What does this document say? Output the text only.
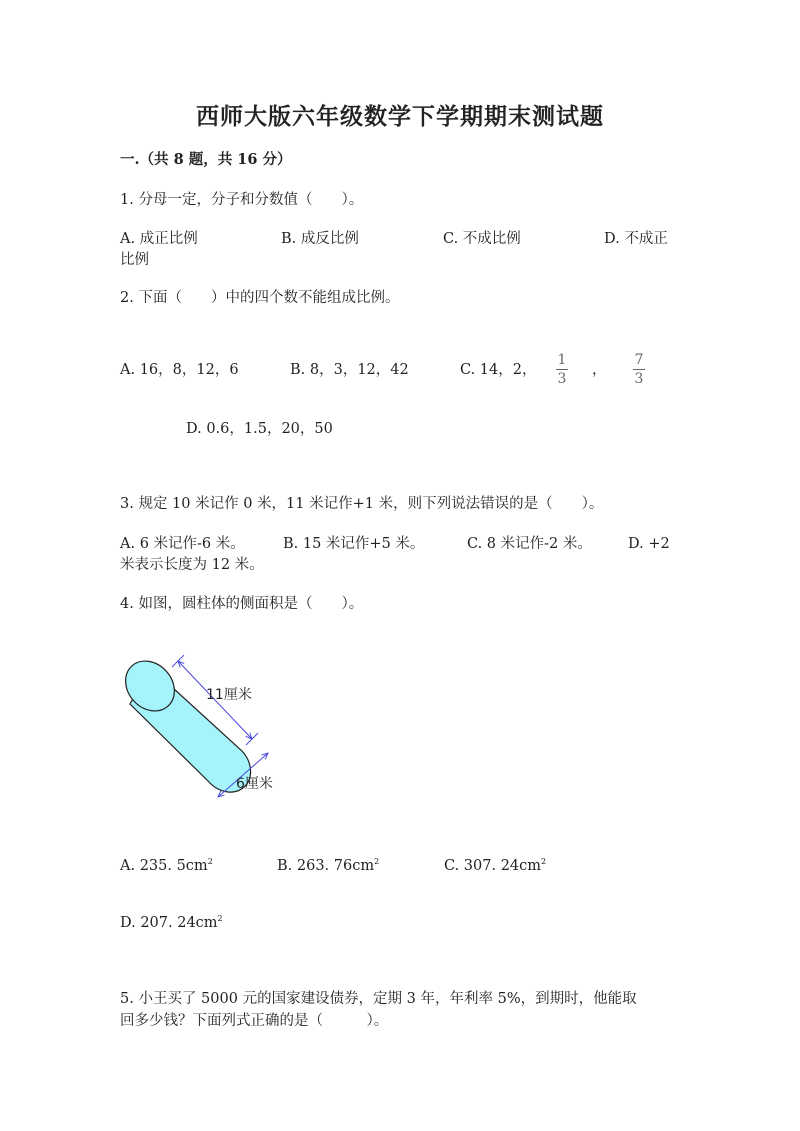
西师大版六年级数学下学期期末测试题
一.（共 8 题，共 16 分）
1. 分母一定，分子和分数值（　　）。
A. 成正比例	B. 成反比例	C. 不成比例	D. 不成正
比例
2. 下面（　　）中的四个数不能组成比例。
A. 16，8，12，6	B. 8，3，12，42	C. 14，2，
1
3
，
7
3
D. 0.6，1.5，20，50
3. 规定 10 米记作 0 米，11 米记作+1 米，则下列说法错误的是（　　）。
A. 6 米记作-6 米。	B. 15 米记作+5 米。	C. 8 米记作-2 米。 D. +2
米表示长度为 12 米。
4. 如图，圆柱体的侧面积是（　　）。
11厘米
6厘米
A. 235. $5cm^2$	B. 263. $76cm^2$	C. 307. $24cm^2$
D. 207. $24cm^2$
5. 小王买了 5000 元的国家建设债券，定期 3 年，年利率 5%，到期时，他能取
回多少钱？下面列式正确的是（　　　）。
